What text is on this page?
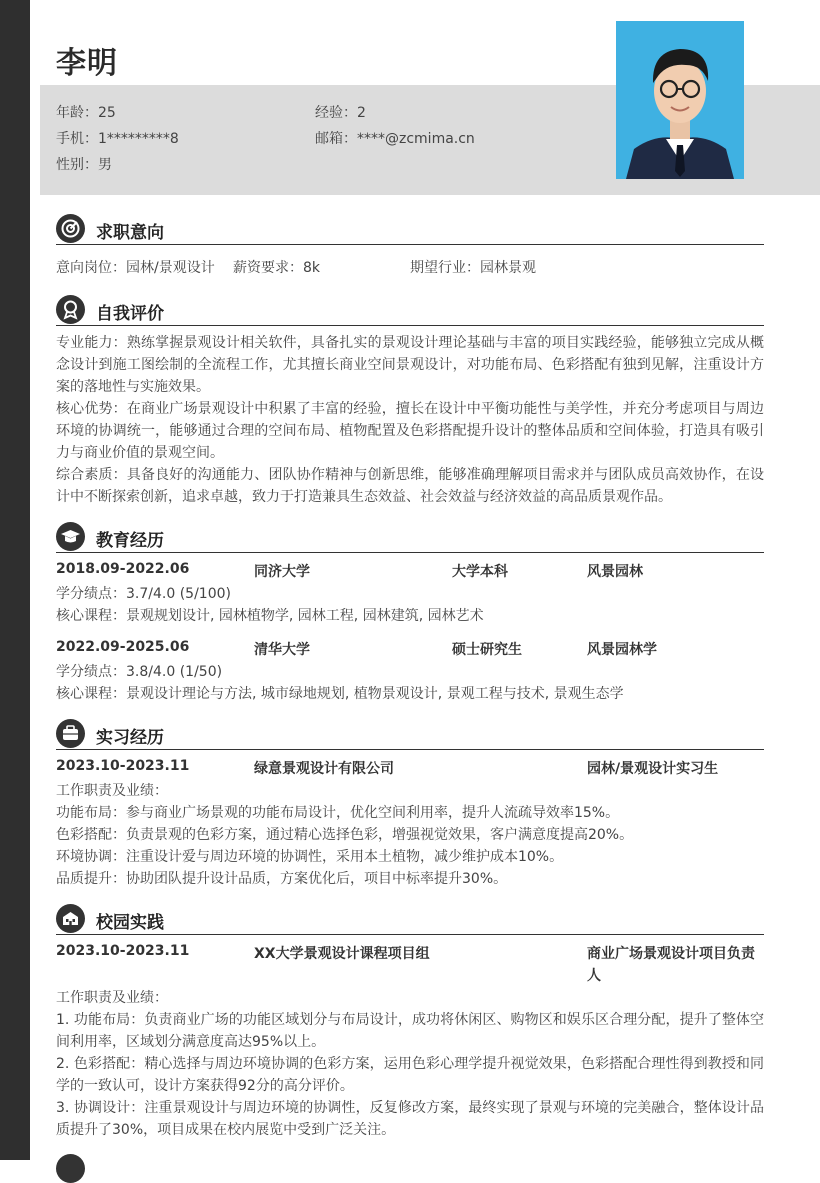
李明
年龄：25	经验：2
手机：1*********8	邮箱：****@zcmima.cn
性别：男
求职意向
意向岗位：园林/景观设计 薪资要求：8k	期望行业：园林景观
自我评价

专业能力：熟练掌握景观设计相关软件，具备扎实的景观设计理论基础与丰富的项目实践经验，能够独立完成从概念设计到施工图绘制的全流程工作，尤其擅长商业空间景观设计，对功能布局、色彩搭配有独到见解，注重设计方案的落地性与实施效果。

核心优势：在商业广场景观设计中积累了丰富的经验，擅长在设计中平衡功能性与美学性，并充分考虑项目与周边环境的协调统一，能够通过合理的空间布局、植物配置及色彩搭配提升设计的整体品质和空间体验，打造具有吸引力与商业价值的景观空间。

综合素质：具备良好的沟通能力、团队协作精神与创新思维，能够准确理解项目需求并与团队成员高效协作，在设计中不断探索创新，追求卓越，致力于打造兼具生态效益、社会效益与经济效益的高品质景观作品。

教育经历
2018.09-2022.06	同济大学	大学本科	风景园林
学分绩点：3.7/4.0 (5/100)
核心课程：景观规划设计, 园林植物学, 园林工程, 园林建筑, 园林艺术
2022.09-2025.06	清华大学	硕士研究生	风景园林学
学分绩点：3.8/4.0 (1/50)
核心课程：景观设计理论与方法, 城市绿地规划, 植物景观设计, 景观工程与技术, 景观生态学
实习经历
2023.10-2023.11	绿意景观设计有限公司	园林/景观设计实习生
工作职责及业绩：
功能布局：参与商业广场景观的功能布局设计，优化空间利用率，提升人流疏导效率15%。
色彩搭配：负责景观的色彩方案，通过精心选择色彩，增强视觉效果，客户满意度提高20%。
环境协调：注重设计爱与周边环境的协调性，采用本土植物，减少维护成本10%。
品质提升：协助团队提升设计品质，方案优化后，项目中标率提升30%。
校园实践
2023.10-2023.11	XX大学景观设计课程项目组	商业广场景观设计项目负责人
工作职责及业绩：

1. 功能布局：负责商业广场的功能区域划分与布局设计，成功将休闲区、购物区和娱乐区合理分配，提升了整体空间利用率，区域划分满意度高达95%以上。

2. 色彩搭配：精心选择与周边环境协调的色彩方案，运用色彩心理学提升视觉效果，色彩搭配合理性得到教授和同学的一致认可，设计方案获得92分的高分评价。

3. 协调设计：注重景观设计与周边环境的协调性，反复修改方案，最终实现了景观与环境的完美融合，整体设计品质提升了30%，项目成果在校内展览中受到广泛关注。
